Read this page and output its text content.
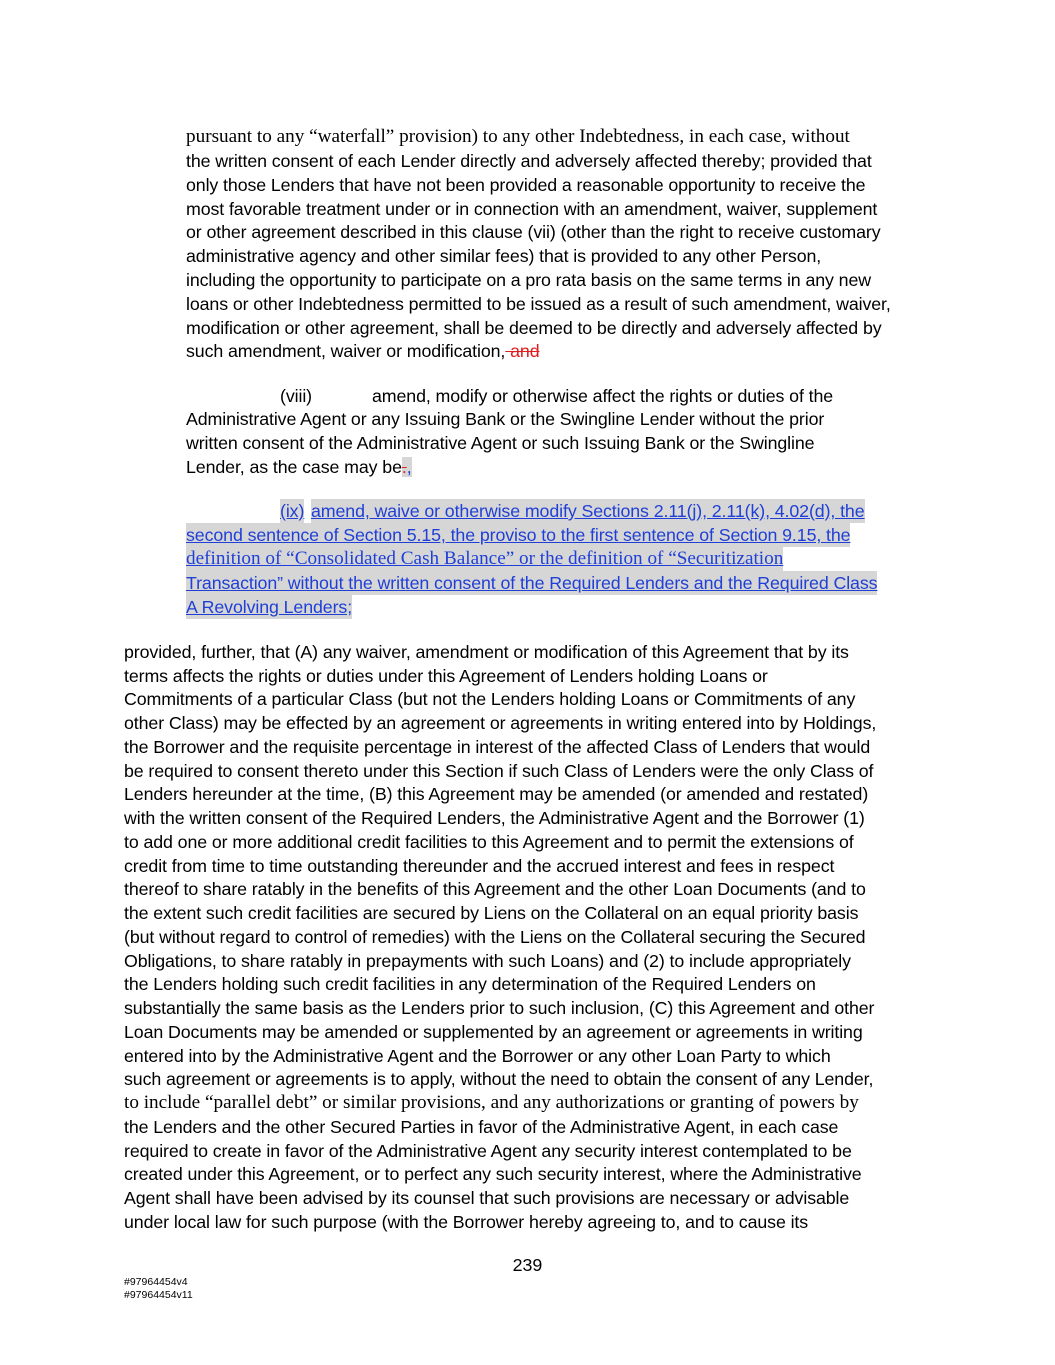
pursuant to any “waterfall” provision) to any other Indebtedness, in each case, without
the written consent of each Lender directly and adversely affected thereby; provided that
only those Lenders that have not been provided a reasonable opportunity to receive the
most favorable treatment under or in connection with an amendment, waiver, supplement
or other agreement described in this clause (vii) (other than the right to receive customary
administrative agency and other similar fees) that is provided to any other Person,
including the opportunity to participate on a pro rata basis on the same terms in any new
loans or other Indebtedness permitted to be issued as a result of such amendment, waiver,
modification or other agreement, shall be deemed to be directly and adversely affected by
such amendment, waiver or modification, and
(viii)	amend, modify or otherwise affect the rights or duties of the
Administrative Agent or any Issuing Bank or the Swingline Lender without the prior
written consent of the Administrative Agent or such Issuing Bank or the Swingline
Lender, as the case may be.,
(ix) amend, waive or otherwise modify Sections 2.11(j), 2.11(k), 4.02(d), the
second sentence of Section 5.15, the proviso to the first sentence of Section 9.15, the
definition of “Consolidated Cash Balance” or the definition of “Securitization
Transaction” without the written consent of the Required Lenders and the Required Class
A Revolving Lenders;
provided, further, that (A) any waiver, amendment or modification of this Agreement that by its
terms affects the rights or duties under this Agreement of Lenders holding Loans or
Commitments of a particular Class (but not the Lenders holding Loans or Commitments of any
other Class) may be effected by an agreement or agreements in writing entered into by Holdings,
the Borrower and the requisite percentage in interest of the affected Class of Lenders that would
be required to consent thereto under this Section if such Class of Lenders were the only Class of
Lenders hereunder at the time, (B) this Agreement may be amended (or amended and restated)
with the written consent of the Required Lenders, the Administrative Agent and the Borrower (1)
to add one or more additional credit facilities to this Agreement and to permit the extensions of
credit from time to time outstanding thereunder and the accrued interest and fees in respect
thereof to share ratably in the benefits of this Agreement and the other Loan Documents (and to
the extent such credit facilities are secured by Liens on the Collateral on an equal priority basis
(but without regard to control of remedies) with the Liens on the Collateral securing the Secured
Obligations, to share ratably in prepayments with such Loans) and (2) to include appropriately
the Lenders holding such credit facilities in any determination of the Required Lenders on
substantially the same basis as the Lenders prior to such inclusion, (C) this Agreement and other
Loan Documents may be amended or supplemented by an agreement or agreements in writing
entered into by the Administrative Agent and the Borrower or any other Loan Party to which
such agreement or agreements is to apply, without the need to obtain the consent of any Lender,
to include “parallel debt” or similar provisions, and any authorizations or granting of powers by
the Lenders and the other Secured Parties in favor of the Administrative Agent, in each case
required to create in favor of the Administrative Agent any security interest contemplated to be
created under this Agreement, or to perfect any such security interest, where the Administrative
Agent shall have been advised by its counsel that such provisions are necessary or advisable
under local law for such purpose (with the Borrower hereby agreeing to, and to cause its
239
#97964454v4
#97964454v11
